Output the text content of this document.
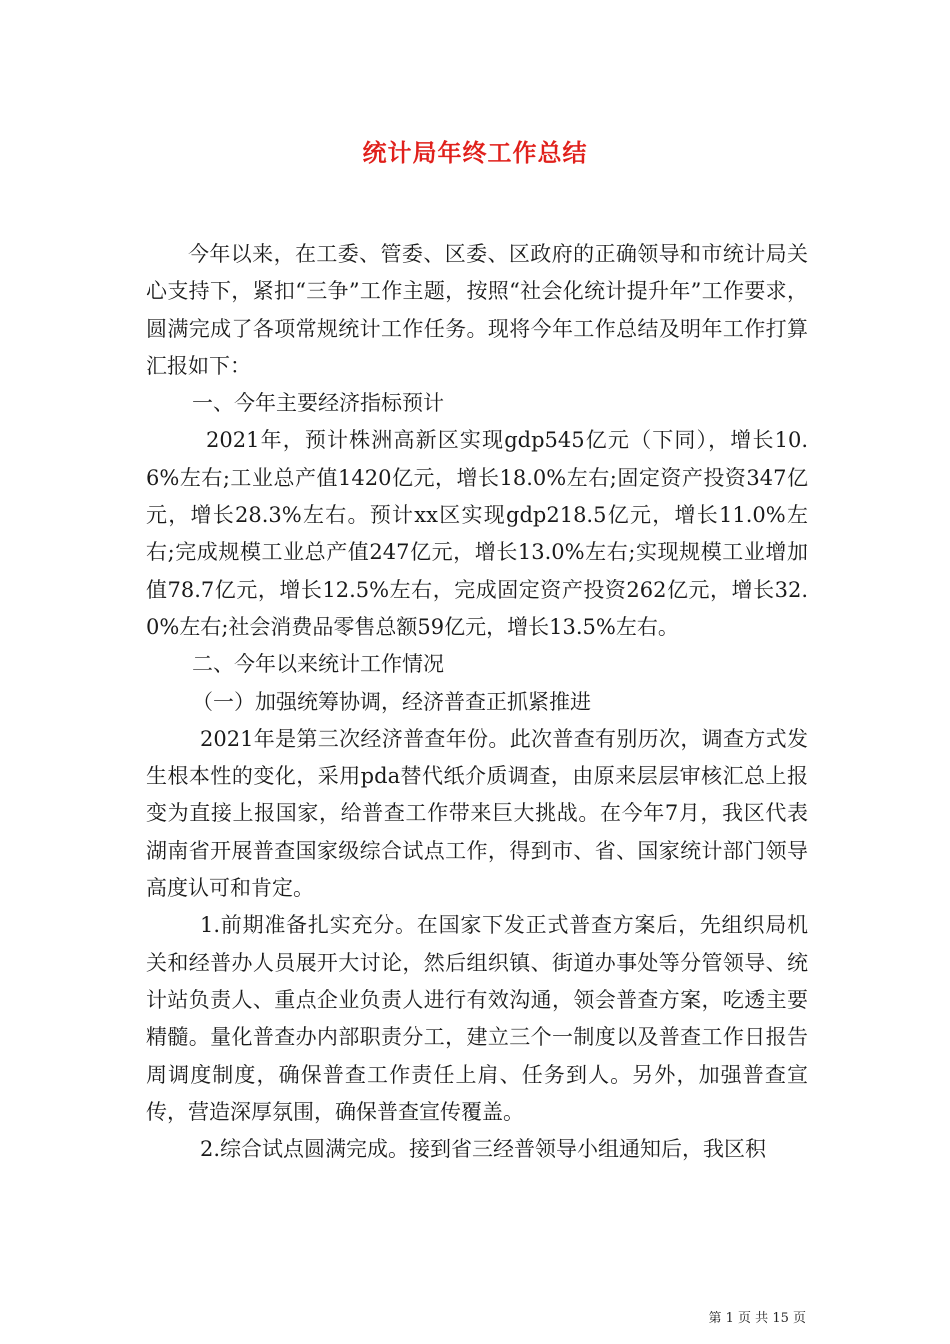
统计局年终工作总结

今年以来，在工委、管委、区委、区政府的正确领导和市统计局关心支持下，紧扣“三争”工作主题，按照“社会化统计提升年”工作要求，圆满完成了各项常规统计工作任务。现将今年工作总结及明年工作打算汇报如下：

一、今年主要经济指标预计

2021年，预计株洲高新区实现gdp545亿元（下同），增长10.6%左右;工业总产值1420亿元，增长18.0%左右;固定资产投资347亿元，增长28.3%左右。预计xx区实现gdp218.5亿元，增长11.0%左右;完成规模工业总产值247亿元，增长13.0%左右;实现规模工业增加值78.7亿元，增长12.5%左右，完成固定资产投资262亿元，增长32.0%左右;社会消费品零售总额59亿元，增长13.5%左右。

二、今年以来统计工作情况

（一）加强统筹协调，经济普查正抓紧推进

2021年是第三次经济普查年份。此次普查有别历次，调查方式发生根本性的变化，采用pda替代纸介质调查，由原来层层审核汇总上报变为直接上报国家，给普查工作带来巨大挑战。在今年7月，我区代表湖南省开展普查国家级综合试点工作，得到市、省、国家统计部门领导高度认可和肯定。

1.前期准备扎实充分。在国家下发正式普查方案后，先组织局机关和经普办人员展开大讨论，然后组织镇、街道办事处等分管领导、统计站负责人、重点企业负责人进行有效沟通，领会普查方案，吃透主要精髓。量化普查办内部职责分工，建立三个一制度以及普查工作日报告周调度制度，确保普查工作责任上肩、任务到人。另外，加强普查宣传，营造深厚氛围，确保普查宣传覆盖。

2.综合试点圆满完成。接到省三经普领导小组通知后，我区积

第 1 页 共 15 页
